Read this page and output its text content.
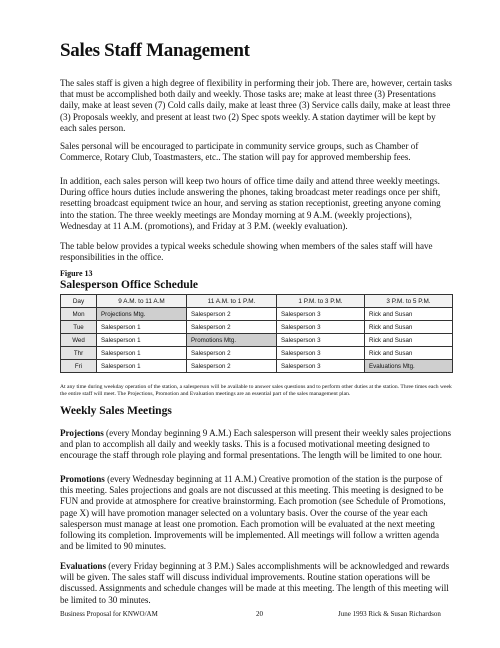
Sales Staff Management

The sales staff is given a high degree of flexibility in performing their job. There are, however, certain tasks that must be accomplished both daily and weekly. Those tasks are; make at least three (3) Presentations daily, make at least seven (7) Cold calls daily, make at least three (3) Service calls daily, make at least three (3) Proposals weekly, and present at least two (2) Spec spots weekly. A station daytimer will be kept by each sales person.

Sales personal will be encouraged to participate in community service groups, such as Chamber of Commerce, Rotary Club, Toastmasters, etc.. The station will pay for approved membership fees.

In addition, each sales person will keep two hours of office time daily and attend three weekly meetings. During office hours duties include answering the phones, taking broadcast meter readings once per shift, resetting broadcast equipment twice an hour, and serving as station receptionist, greeting anyone coming into the station. The three weekly meetings are Monday morning at 9 A.M. (weekly projections), Wednesday at 11 A.M. (promotions), and Friday at 3 P.M. (weekly evaluation).

The table below provides a typical weeks schedule showing when members of the sales staff will have responsibilities in the office.

Figure 13
Salesperson Office Schedule
Day	9 A.M. to 11 A.M	11 A.M. to 1 P.M.	1 P.M. to 3 P.M.	3 P.M. to 5 P.M.
Mon	Projections Mtg.	Salesperson 2	Salesperson 3	Rick and Susan
Tue	Salesperson 1	Salesperson 2	Salesperson 3	Rick and Susan
Wed	Salesperson 1	Promotions Mtg.	Salesperson 3	Rick and Susan
Thr	Salesperson 1	Salesperson 2	Salesperson 3	Rick and Susan
Fri	Salesperson 1	Salesperson 2	Salesperson 3	Evaluations Mtg.

At any time during weekday operation of the station, a salesperson will be available to answer sales questions and to perform other duties at the station. Three times each week the entire staff will meet. The Projections, Promotion and Evaluation meetings are an essential part of the sales management plan.

Weekly Sales Meetings

Projections (every Monday beginning 9 A.M.) Each salesperson will present their weekly sales projections and plan to accomplish all daily and weekly tasks. This is a focused motivational meeting designed to encourage the staff through role playing and formal presentations. The length will be limited to one hour.

Promotions (every Wednesday beginning at 11 A.M.) Creative promotion of the station is the purpose of this meeting. Sales projections and goals are not discussed at this meeting. This meeting is designed to be FUN and provide at atmosphere for creative brainstorming. Each promotion (see Schedule of Promotions, page X) will have promotion manager selected on a voluntary basis. Over the course of the year each salesperson must manage at least one promotion. Each promotion will be evaluated at the next meeting following its completion. Improvements will be implemented. All meetings will follow a written agenda and be limited to 90 minutes.

Evaluations (every Friday beginning at 3 P.M.) Sales accomplishments will be acknowledged and rewards will be given. The sales staff will discuss individual improvements. Routine station operations will be discussed. Assignments and schedule changes will be made at this meeting. The length of this meeting will be limited to 30 minutes.

Business Proposal for KNWO/AM	20	June 1993 Rick & Susan Richardson
